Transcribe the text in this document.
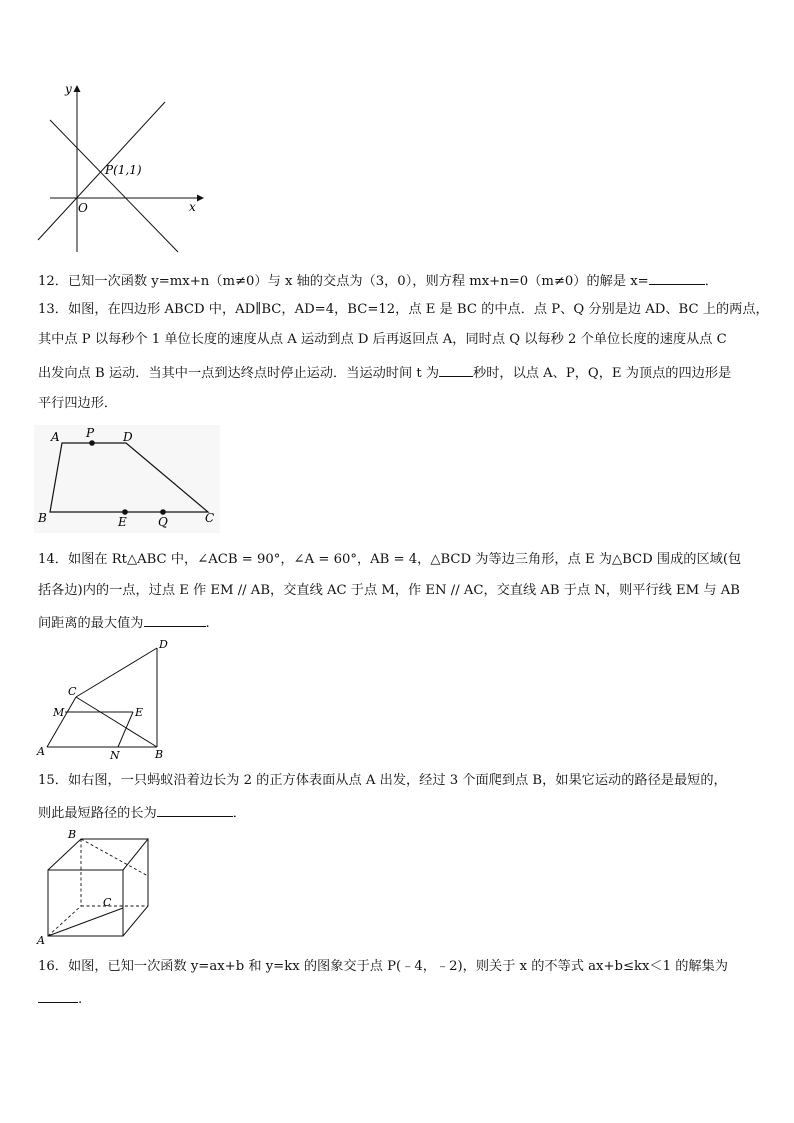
y
x
O
P(1,1)
12．已知一次函数 y=mx+n（m≠0）与 x 轴的交点为（3，0），则方程 mx+n=0（m≠0）的解是 x=	．
13．如图，在四边形 ABCD 中，AD∥BC，AD=4，BC=12，点 E 是 BC 的中点．点 P、Q 分别是边 AD、BC 上的两点，
其中点 P 以每秒个 1 单位长度的速度从点 A 运动到点 D 后再返回点 A，同时点 Q 以每秒 2 个单位长度的速度从点 C
出发向点 B 运动．当其中一点到达终点时停止运动．当运动时间 t 为	秒时，以点 A、P，Q，E 为顶点的四边形是
平行四边形．
A P D
B	E	Q	C
14．如图在 Rt△ABC 中，∠ACB = 90°，∠A = 60°，AB = 4，△BCD 为等边三角形，点 E 为△BCD 围成的区域(包
括各边)内的一点，过点 E 作 EM // AB，交直线 AC 于点 M，作 EN // AC，交直线 AB 于点 N，则平行线 EM 与 AB
间距离的最大值为	.
D
C
M	E
A	N	B
15．如右图，一只蚂蚁沿着边长为 2 的正方体表面从点 A 出发，经过 3 个面爬到点 B，如果它运动的路径是最短的，
则此最短路径的长为	．
B
C
A
16．如图，已知一次函数 y=ax+b 和 y=kx 的图象交于点 P(﹣4，﹣2)，则关于 x 的不等式 ax+b≤kx＜1 的解集为
.
